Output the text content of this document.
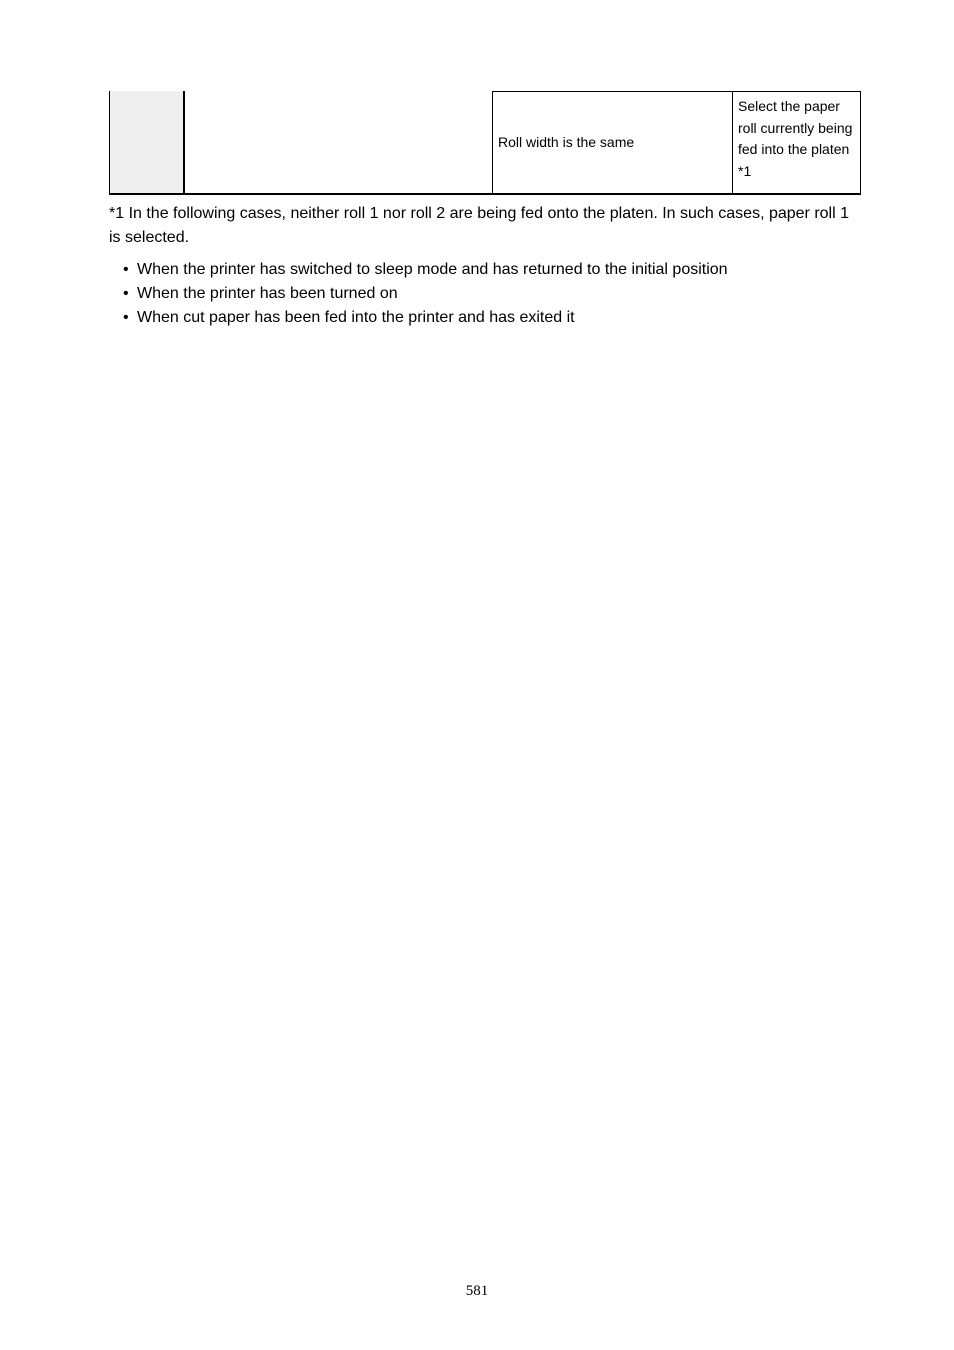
Roll width is the same
Select the paper roll currently being fed into the platen *1

*1 In the following cases, neither roll 1 nor roll 2 are being fed onto the platen. In such cases, paper roll 1 is selected.

• When the printer has switched to sleep mode and has returned to the initial position
• When the printer has been turned on
• When cut paper has been fed into the printer and has exited it
581
